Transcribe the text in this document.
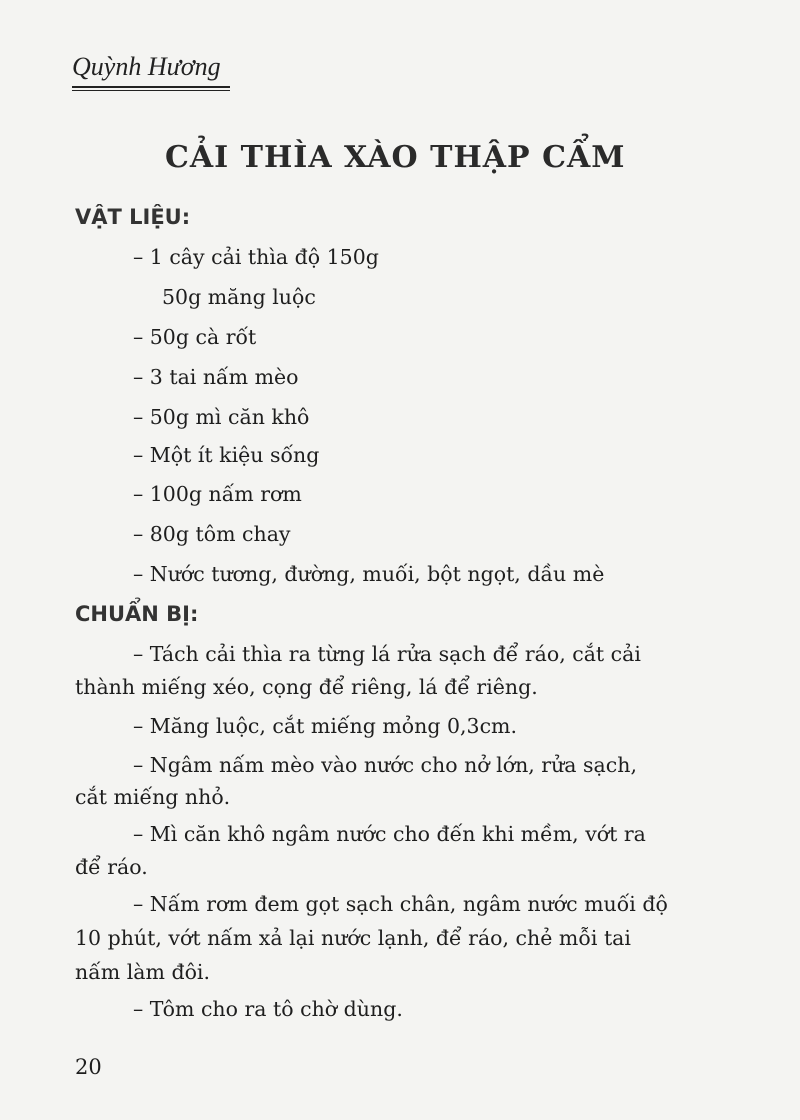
Quỳnh Hương
CẢI THÌA XÀO THẬP CẨM
VẬT LIỆU:
– 1 cây cải thìa độ 150g
50g măng luộc
– 50g cà rốt
– 3 tai nấm mèo
– 50g mì căn khô
– Một ít kiệu sống
– 100g nấm rơm
– 80g tôm chay
– Nước tương, đường, muối, bột ngọt, dầu mè
CHUẨN BỊ:
– Tách cải thìa ra từng lá rửa sạch để ráo, cắt cải
thành miếng xéo, cọng để riêng, lá để riêng.
– Măng luộc, cắt miếng mỏng 0,3cm.
– Ngâm nấm mèo vào nước cho nở lớn, rửa sạch,
cắt miếng nhỏ.
– Mì căn khô ngâm nước cho đến khi mềm, vớt ra
để ráo.
– Nấm rơm đem gọt sạch chân, ngâm nước muối độ
10 phút, vớt nấm xả lại nước lạnh, để ráo, chẻ mỗi tai
nấm làm đôi.
– Tôm cho ra tô chờ dùng.
20
